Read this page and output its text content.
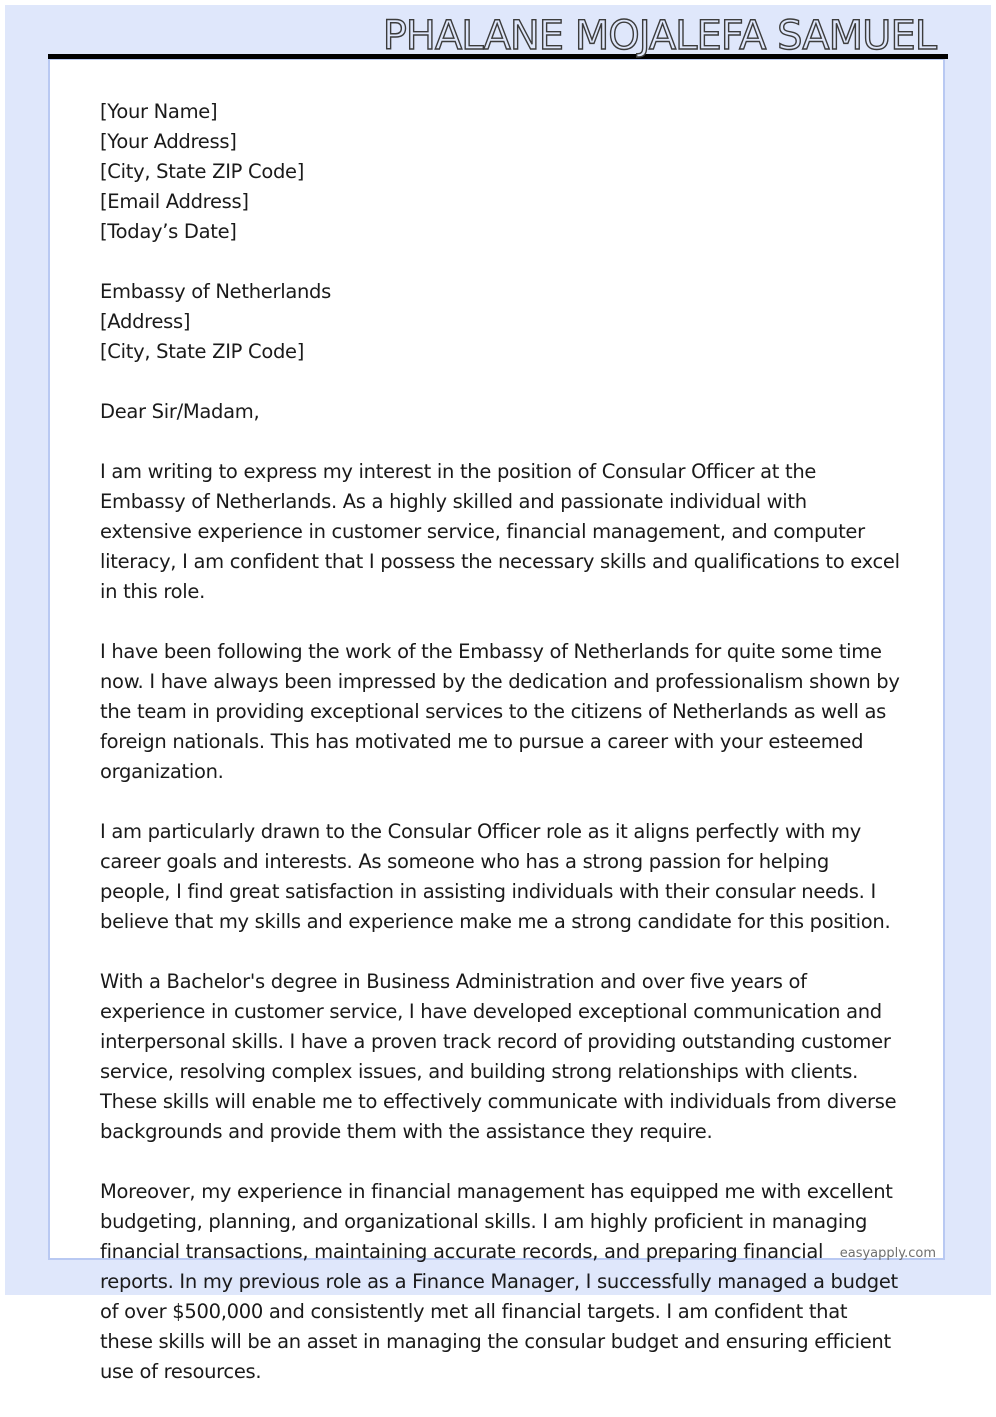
PHALANE MOJALEFA SAMUEL
[Your Name]
[Your Address]
[City, State ZIP Code]
[Email Address]
[Today’s Date]
Embassy of Netherlands
[Address]
[City, State ZIP Code]
Dear Sir/Madam,
I am writing to express my interest in the position of Consular Officer at the Embassy of Netherlands. As a highly skilled and passionate individual with extensive experience in customer service, financial management, and computer literacy, I am confident that I possess the necessary skills and qualifications to excel in this role.
I have been following the work of the Embassy of Netherlands for quite some time now. I have always been impressed by the dedication and professionalism shown by the team in providing exceptional services to the citizens of Netherlands as well as foreign nationals. This has motivated me to pursue a career with your esteemed organization.
I am particularly drawn to the Consular Officer role as it aligns perfectly with my career goals and interests. As someone who has a strong passion for helping people, I find great satisfaction in assisting individuals with their consular needs. I believe that my skills and experience make me a strong candidate for this position.
With a Bachelor's degree in Business Administration and over five years of experience in customer service, I have developed exceptional communication and interpersonal skills. I have a proven track record of providing outstanding customer service, resolving complex issues, and building strong relationships with clients. These skills will enable me to effectively communicate with individuals from diverse backgrounds and provide them with the assistance they require.
Moreover, my experience in financial management has equipped me with excellent budgeting, planning, and organizational skills. I am highly proficient in managing financial transactions, maintaining accurate records, and preparing financial reports. In my previous role as a Finance Manager, I successfully managed a budget of over $500,000 and consistently met all financial targets. I am confident that these skills will be an asset in managing the consular budget and ensuring efficient use of resources.
easyapply.com
